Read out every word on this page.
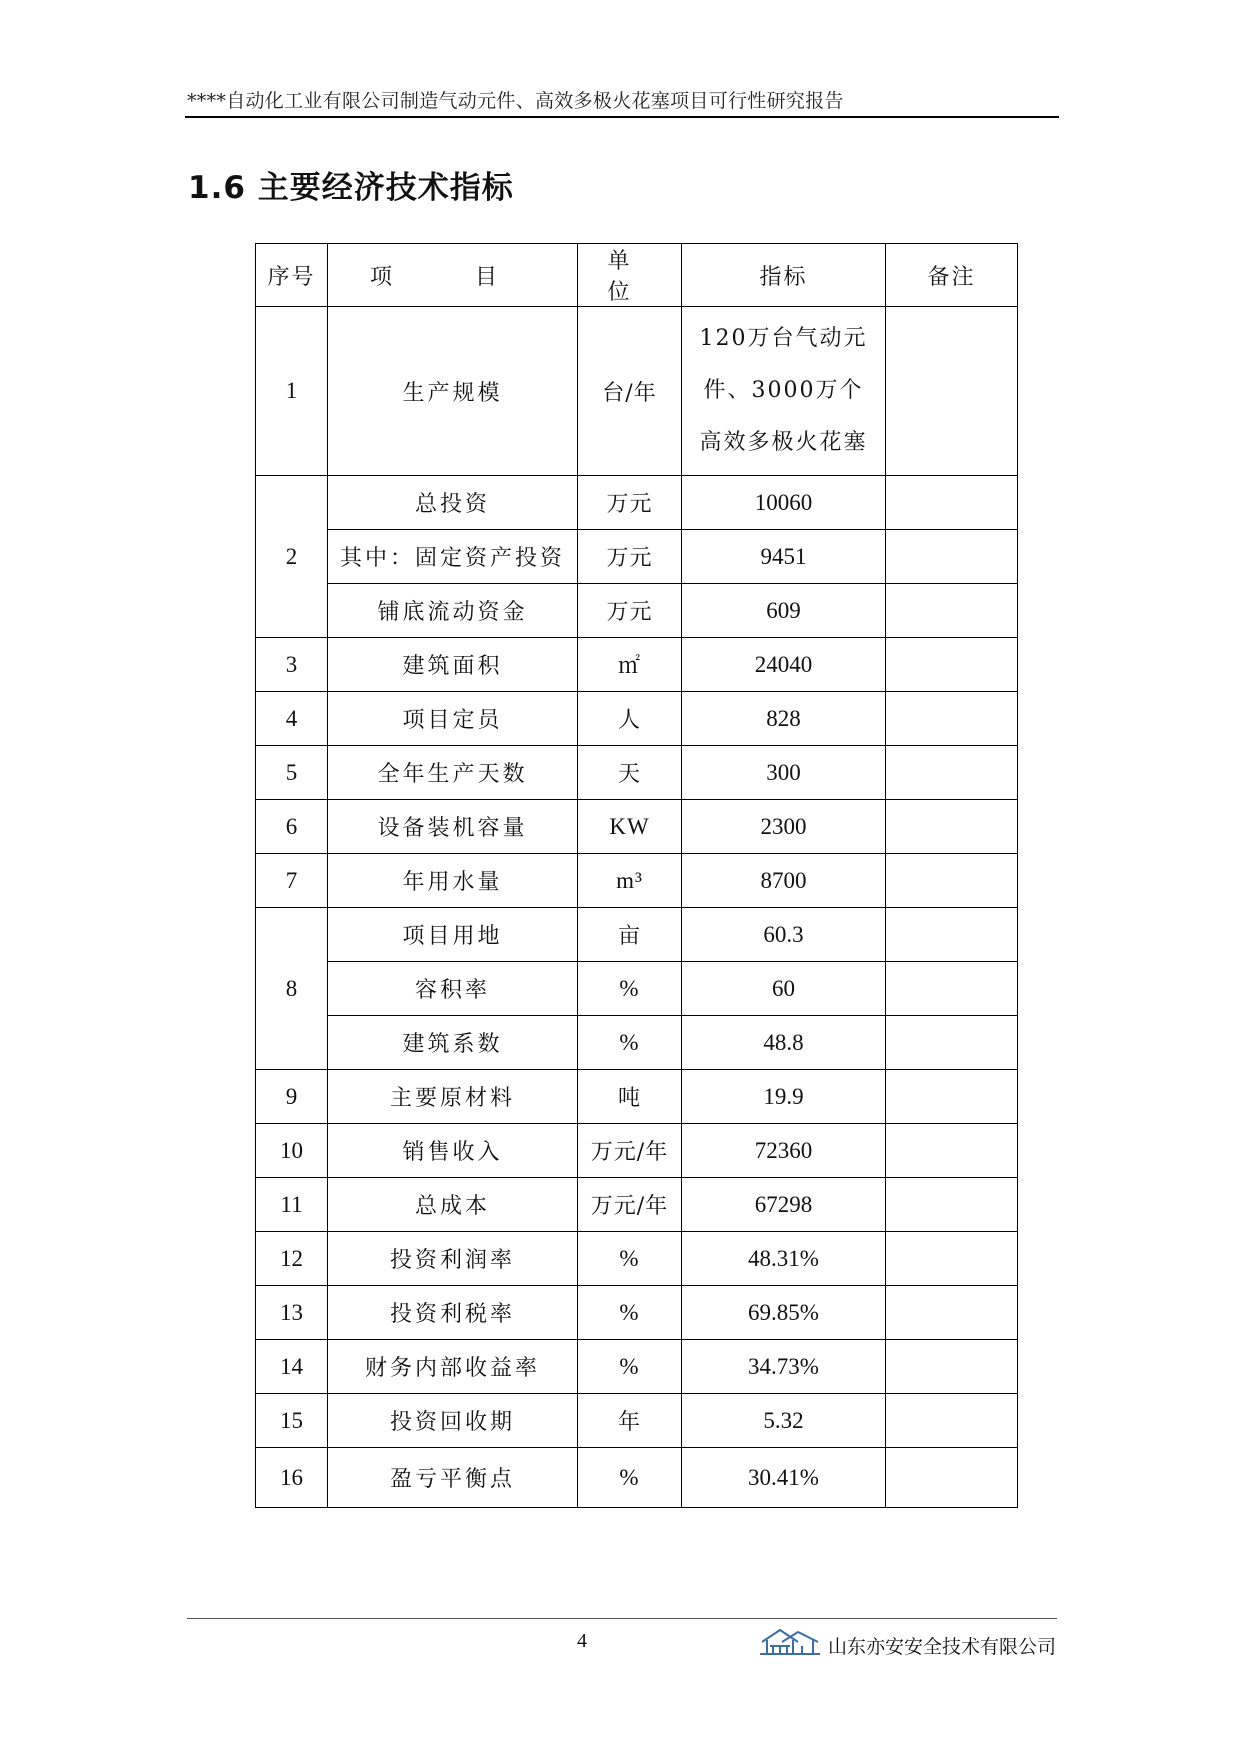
****自动化工业有限公司制造气动元件、高效多极火花塞项目可行性研究报告
1.6 主要经济技术指标
序号	项 目	单 位	指标	备注
1	生产规模	台/年	120万台气动元件、3000万个高效多极火花塞	

2	总投资	万元	10060	
	其中：固定资产投资	万元	9451	
	铺底流动资金	万元	609	
3	建筑面积	㎡	24040	
4	项目定员	人	828	
5	全年生产天数	天	300	
6	设备装机容量	KW	2300	
7	年用水量	m³	8700	
8	项目用地	亩	60.3	
	容积率	%	60	
	建筑系数	%	48.8	
9	主要原材料	吨	19.9	
10	销售收入	万元/年	72360	
11	总成本	万元/年	67298	
12	投资利润率	%	48.31%	
13	投资利税率	%	69.85%	
14	财务内部收益率	%	34.73%	
15	投资回收期	年	5.32	
16	盈亏平衡点	%	30.41%	
4	山东亦安安全技术有限公司
